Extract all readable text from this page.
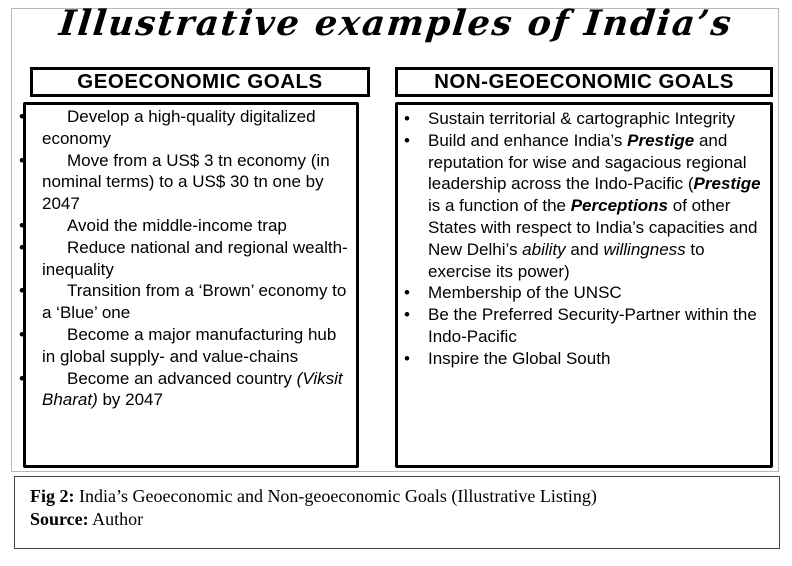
Illustrative examples of India’s
GEOECONOMIC GOALS	NON-GEOECONOMIC GOALS
• Develop a high-quality digitalized economy
• Move from a US$ 3 tn economy (in nominal terms) to a US$ 30 tn one by 2047
• Avoid the middle-income trap
• Reduce national and regional wealth-inequality
• Transition from a ‘Brown’ economy to a ‘Blue’ one
• Become a major manufacturing hub in global supply- and value-chains
• Become an advanced country (Viksit Bharat) by 2047
• Sustain territorial & cartographic Integrity
• Build and enhance India’s Prestige and reputation for wise and sagacious regional leadership across the Indo-Pacific (Prestige is a function of the Perceptions of other States with respect to India’s capacities and New Delhi’s ability and willingness to exercise its power)
• Membership of the UNSC
• Be the Preferred Security-Partner within the Indo-Pacific
• Inspire the Global South
Fig 2: India’s Geoeconomic and Non-geoeconomic Goals (Illustrative Listing)
Source: Author
